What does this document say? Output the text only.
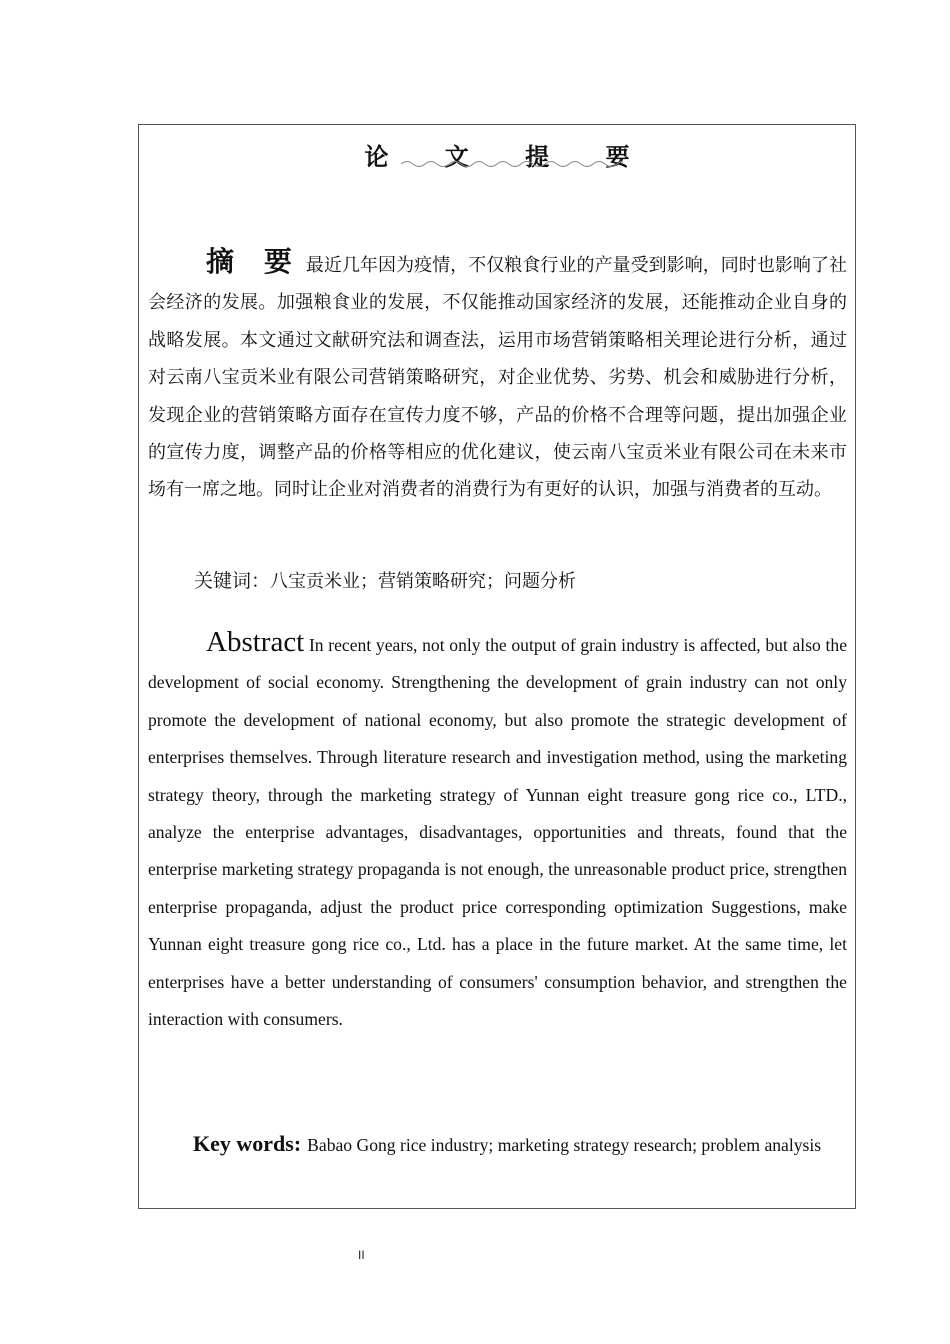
论 文 提 要
摘 要 最近几年因为疫情，不仅粮食行业的产量受到影响，同时也影响了社会经济的发展。加强粮食业的发展，不仅能推动国家经济的发展，还能推动企业自身的战略发展。本文通过文献研究法和调查法，运用市场营销策略相关理论进行分析，通过对云南八宝贡米业有限公司营销策略研究，对企业优势、劣势、机会和威胁进行分析，发现企业的营销策略方面存在宣传力度不够，产品的价格不合理等问题，提出加强企业的宣传力度，调整产品的价格等相应的优化建议，使云南八宝贡米业有限公司在未来市场有一席之地。同时让企业对消费者的消费行为有更好的认识，加强与消费者的互动。
关键词：八宝贡米业；营销策略研究；问题分析
Abstract In recent years, not only the output of grain industry is affected, but also the development of social economy. Strengthening the development of grain industry can not only promote the development of national economy, but also promote the strategic development of enterprises themselves. Through literature research and investigation method, using the marketing strategy theory, through the marketing strategy of Yunnan eight treasure gong rice co., LTD., analyze the enterprise advantages, disadvantages, opportunities and threats, found that the enterprise marketing strategy propaganda is not enough, the unreasonable product price, strengthen enterprise propaganda, adjust the product price corresponding optimization Suggestions, make Yunnan eight treasure gong rice co., Ltd. has a place in the future market. At the same time, let enterprises have a better understanding of consumers' consumption behavior, and strengthen the interaction with consumers.
Key words: Babao Gong rice industry; marketing strategy research; problem analysis
II
